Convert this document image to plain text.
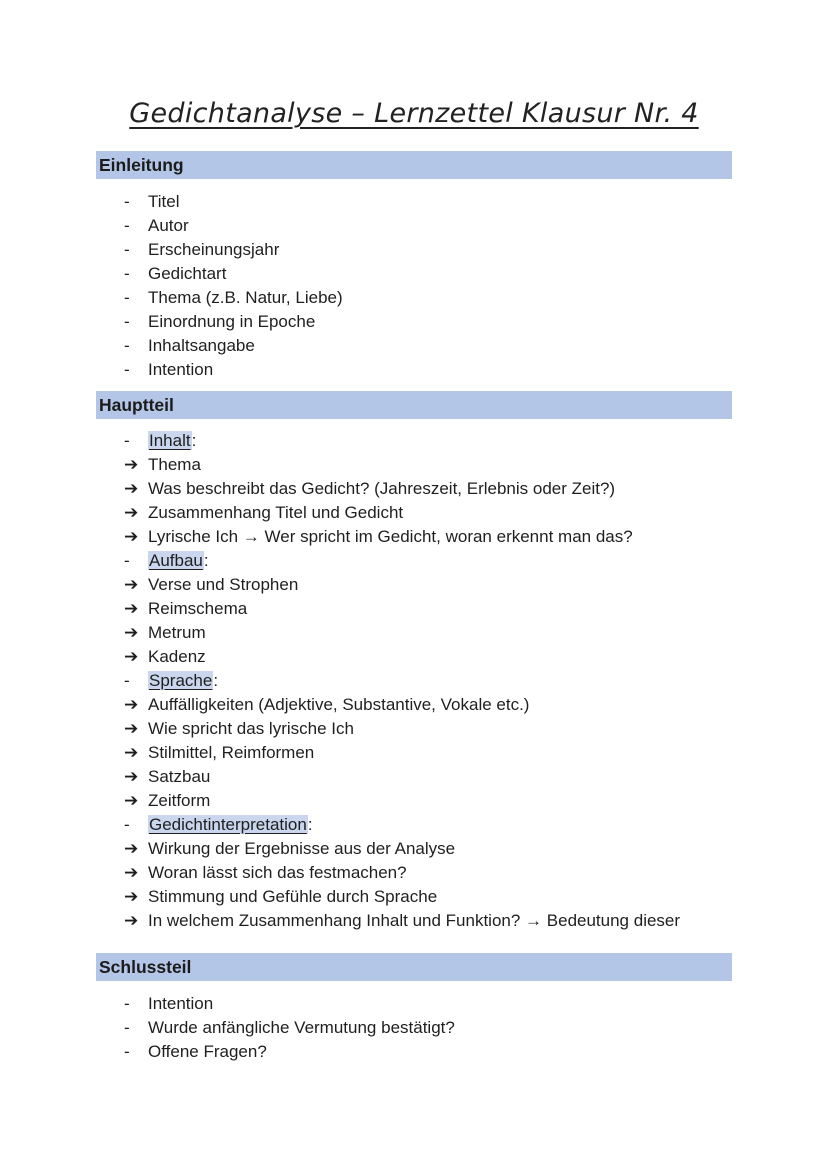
Gedichtanalyse – Lernzettel Klausur Nr. 4
Einleitung
- Titel
- Autor
- Erscheinungsjahr
- Gedichtart
- Thema (z.B. Natur, Liebe)
- Einordnung in Epoche
- Inhaltsangabe
- Intention
Hauptteil
- Inhalt:
➔ Thema
➔ Was beschreibt das Gedicht? (Jahreszeit, Erlebnis oder Zeit?)
➔ Zusammenhang Titel und Gedicht
➔ Lyrische Ich → Wer spricht im Gedicht, woran erkennt man das?
- Aufbau:
➔ Verse und Strophen
➔ Reimschema
➔ Metrum
➔ Kadenz
- Sprache:
➔ Auffälligkeiten (Adjektive, Substantive, Vokale etc.)
➔ Wie spricht das lyrische Ich
➔ Stilmittel, Reimformen
➔ Satzbau
➔ Zeitform
- Gedichtinterpretation:
➔ Wirkung der Ergebnisse aus der Analyse
➔ Woran lässt sich das festmachen?
➔ Stimmung und Gefühle durch Sprache
➔ In welchem Zusammenhang Inhalt und Funktion? → Bedeutung dieser
Schlussteil
- Intention
- Wurde anfängliche Vermutung bestätigt?
- Offene Fragen?
